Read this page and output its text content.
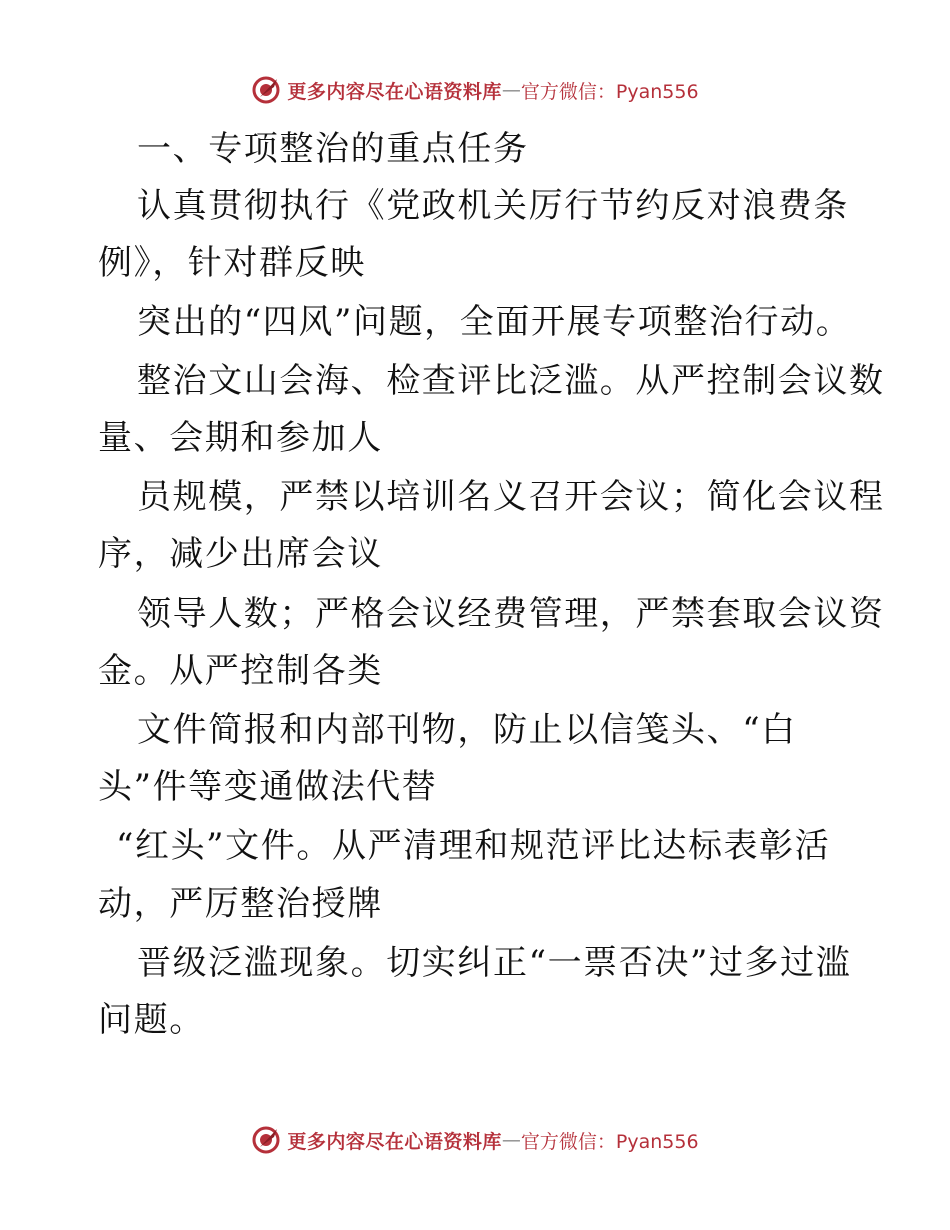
更多内容尽在心语资料库 — 官方微信：Pyan556
一、专项整治的重点任务
认真贯彻执行《党政机关厉行节约反对浪费条
例》，针对群反映
突出的“四风”问题，全面开展专项整治行动。
整治文山会海、检查评比泛滥。从严控制会议数
量、会期和参加人
员规模，严禁以培训名义召开会议；简化会议程
序，减少出席会议
领导人数；严格会议经费管理，严禁套取会议资
金。从严控制各类
文件简报和内部刊物，防止以信笺头、“白
头”件等变通做法代替
“红头”文件。从严清理和规范评比达标表彰活
动，严厉整治授牌
晋级泛滥现象。切实纠正“一票否决”过多过滥
问题。
更多内容尽在心语资料库 — 官方微信：Pyan556
